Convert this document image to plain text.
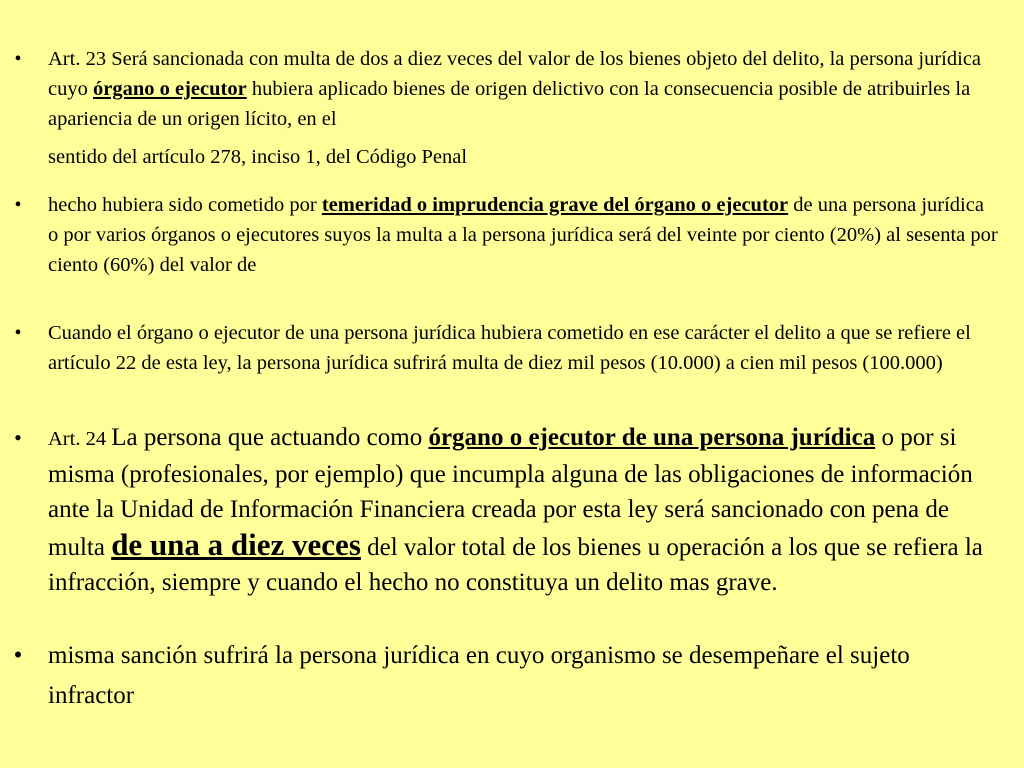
•	Art. 23 Será sancionada con multa de dos a diez veces del valor de los bienes objeto del delito, la persona jurídica cuyo órgano o ejecutor hubiera aplicado bienes de origen delictivo con la consecuencia posible de atribuirles la apariencia de un origen lícito, en el
sentido del artículo 278, inciso 1, del Código Penal
•	hecho hubiera sido cometido por temeridad o imprudencia grave del órgano o ejecutor de una persona jurídica o por varios órganos o ejecutores suyos la multa a la persona jurídica será del veinte por ciento (20%) al sesenta por ciento (60%) del valor de
•	Cuando el órgano o ejecutor de una persona jurídica hubiera cometido en ese carácter el delito a que se refiere el artículo 22 de esta ley, la persona jurídica sufrirá multa de diez mil pesos (10.000) a cien mil pesos (100.000)
•	Art. 24 La persona que actuando como órgano o ejecutor de una persona jurídica o por si misma (profesionales, por ejemplo) que incumpla alguna de las obligaciones de información ante la Unidad de Información Financiera creada por esta ley será sancionado con pena de multa de una a diez veces del valor total de los bienes u operación a los que se refiera la infracción, siempre y cuando el hecho no constituya un delito mas grave.
• misma sanción sufrirá la persona jurídica en cuyo organismo se desempeñare el sujeto infractor
